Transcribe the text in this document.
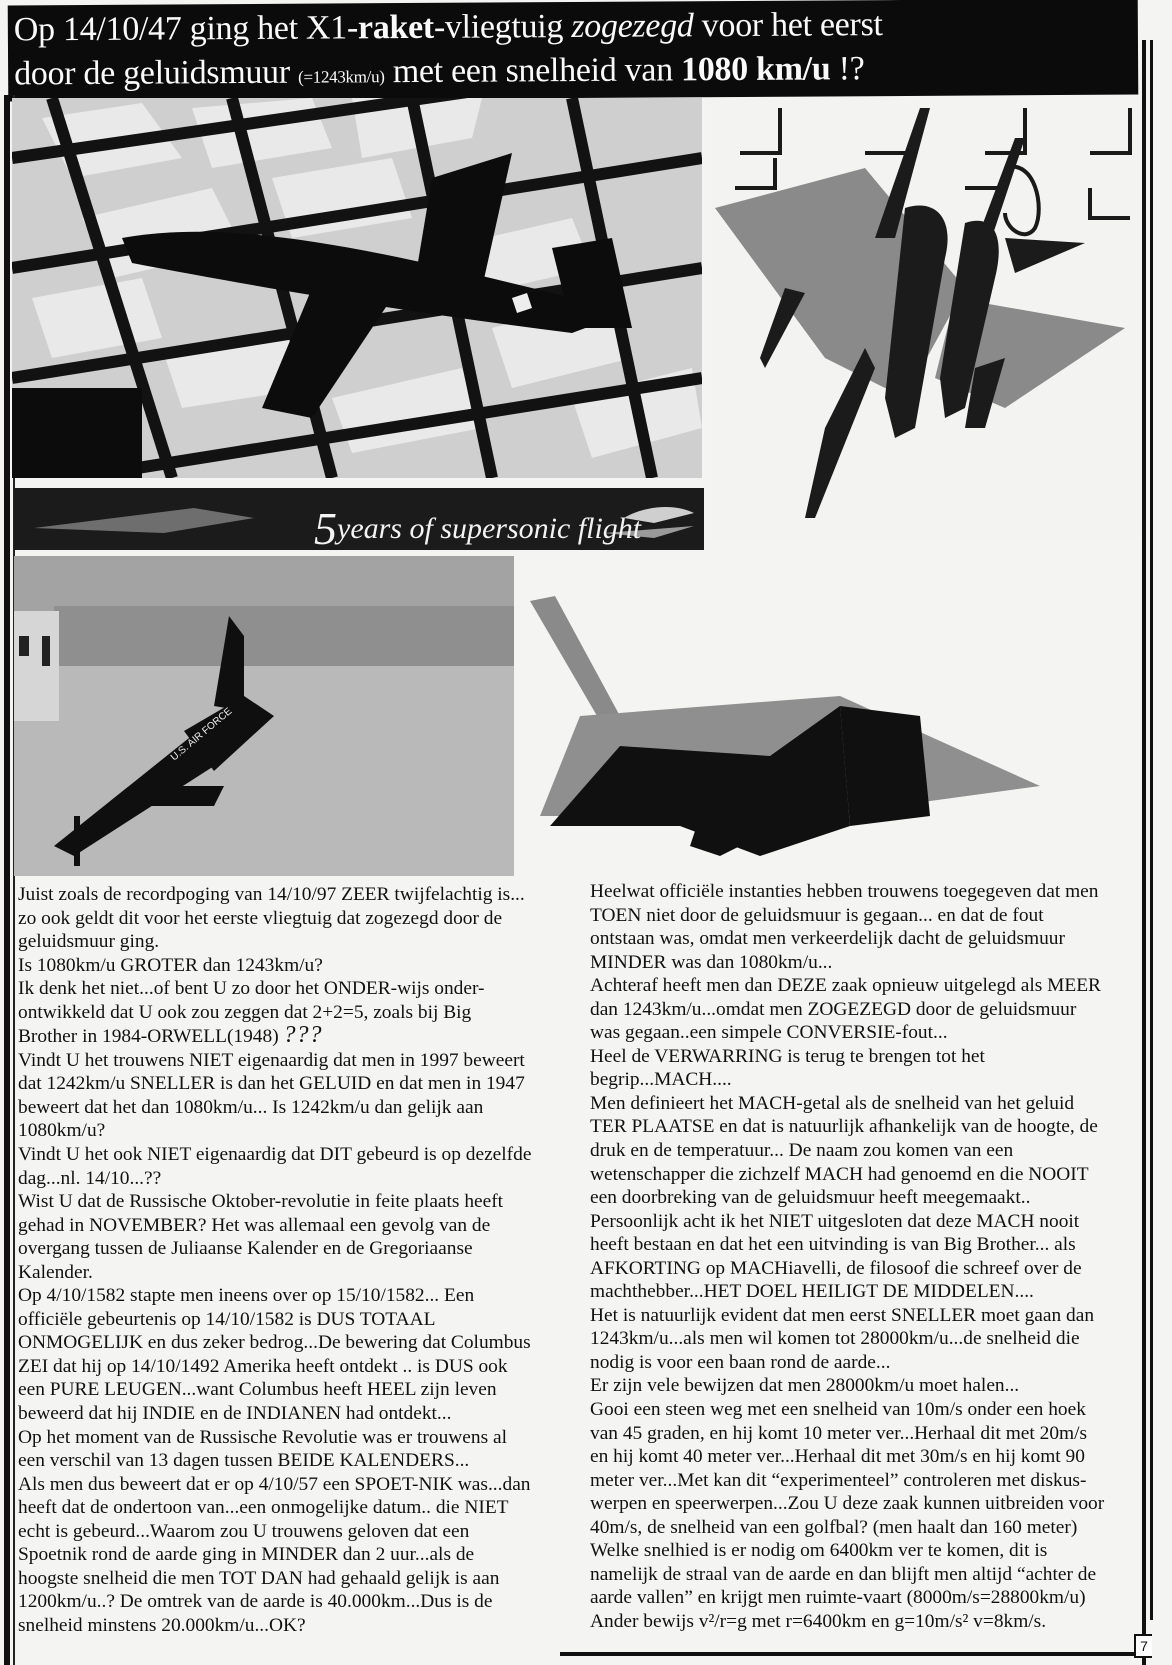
Op 14/10/47 ging het X1-raket-vliegtuig zogezegd voor het eerst
door de geluidsmuur (=1243km/u) met een snelheid van 1080 km/u !?
5years of supersonic flight
U.S. AIR FORCE

Juist zoals de recordpoging van 14/10/97 ZEER twijfelachtig is...

zo ook geldt dit voor het eerste vliegtuig dat zogezegd door de

geluidsmuur ging.

Is 1080km/u GROTER dan 1243km/u?

Ik denk het niet...of bent U zo door het ONDER-wijs onder-

ontwikkeld dat U ook zou zeggen dat 2+2=5, zoals bij Big

Brother in 1984-ORWELL(1948) ???

Vindt U het trouwens NIET eigenaardig dat men in 1997 beweert

dat 1242km/u SNELLER is dan het GELUID en dat men in 1947

beweert dat het dan 1080km/u... Is 1242km/u dan gelijk aan

1080km/u?

Vindt U het ook NIET eigenaardig dat DIT gebeurd is op dezelfde

dag...nl. 14/10...??

Wist U dat de Russische Oktober-revolutie in feite plaats heeft

gehad in NOVEMBER? Het was allemaal een gevolg van de

overgang tussen de Juliaanse Kalender en de Gregoriaanse

Kalender.

Op 4/10/1582 stapte men ineens over op 15/10/1582... Een

officiële gebeurtenis op 14/10/1582 is DUS TOTAAL

ONMOGELIJK en dus zeker bedrog...De bewering dat Columbus

ZEI dat hij op 14/10/1492 Amerika heeft ontdekt .. is DUS ook

een PURE LEUGEN...want Columbus heeft HEEL zijn leven

beweerd dat hij INDIE en de INDIANEN had ontdekt...

Op het moment van de Russische Revolutie was er trouwens al

een verschil van 13 dagen tussen BEIDE KALENDERS...

Als men dus beweert dat er op 4/10/57 een SPOET-NIK was...dan

heeft dat de ondertoon van...een onmogelijke datum.. die NIET

echt is gebeurd...Waarom zou U trouwens geloven dat een

Spoetnik rond de aarde ging in MINDER dan 2 uur...als de

hoogste snelheid die men TOT DAN had gehaald gelijk is aan

1200km/u..? De omtrek van de aarde is 40.000km...Dus is de

snelheid minstens 20.000km/u...OK?

Heelwat officiële instanties hebben trouwens toegegeven dat men

TOEN niet door de geluidsmuur is gegaan... en dat de fout

ontstaan was, omdat men verkeerdelijk dacht de geluidsmuur

MINDER was dan 1080km/u...

Achteraf heeft men dan DEZE zaak opnieuw uitgelegd als MEER

dan 1243km/u...omdat men ZOGEZEGD door de geluidsmuur

was gegaan..een simpele CONVERSIE-fout...

Heel de VERWARRING is terug te brengen tot het

begrip...MACH....

Men definieert het MACH-getal als de snelheid van het geluid

TER PLAATSE en dat is natuurlijk afhankelijk van de hoogte, de

druk en de temperatuur... De naam zou komen van een

wetenschapper die zichzelf MACH had genoemd en die NOOIT

een doorbreking van de geluidsmuur heeft meegemaakt..

Persoonlijk acht ik het NIET uitgesloten dat deze MACH nooit

heeft bestaan en dat het een uitvinding is van Big Brother... als

AFKORTING op MACHiavelli, de filosoof die schreef over de

machthebber...HET DOEL HEILIGT DE MIDDELEN....

Het is natuurlijk evident dat men eerst SNELLER moet gaan dan

1243km/u...als men wil komen tot 28000km/u...de snelheid die

nodig is voor een baan rond de aarde...

Er zijn vele bewijzen dat men 28000km/u moet halen...

Gooi een steen weg met een snelheid van 10m/s onder een hoek

van 45 graden, en hij komt 10 meter ver...Herhaal dit met 20m/s

en hij komt 40 meter ver...Herhaal dit met 30m/s en hij komt 90

meter ver...Met kan dit “experimenteel” controleren met diskus-

werpen en speerwerpen...Zou U deze zaak kunnen uitbreiden voor

40m/s, de snelheid van een golfbal? (men haalt dan 160 meter)

Welke snelhied is er nodig om 6400km ver te komen, dit is

namelijk de straal van de aarde en dan blijft men altijd “achter de

aarde vallen” en krijgt men ruimte-vaart (8000m/s=28800km/u)

Ander bewijs v²/r=g met r=6400km en g=10m/s² v=8km/s.

7
